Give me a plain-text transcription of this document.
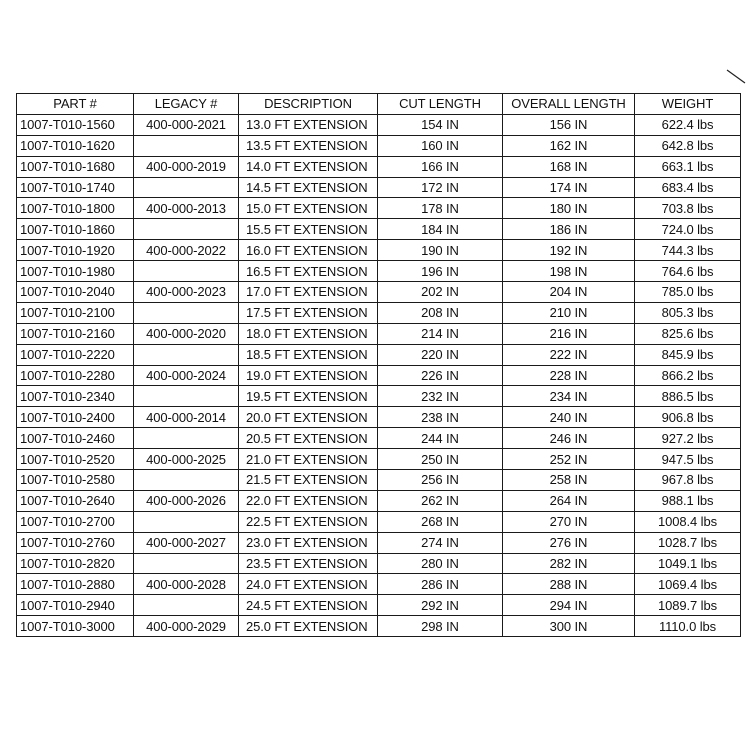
PART #	LEGACY #	DESCRIPTION	CUT LENGTH	OVERALL LENGTH	WEIGHT
1007-T010-1560	400-000-2021	13.0 FT EXTENSION	154 IN	156 IN	622.4 lbs
1007-T010-1620		13.5 FT EXTENSION	160 IN	162 IN	642.8 lbs
1007-T010-1680	400-000-2019	14.0 FT EXTENSION	166 IN	168 IN	663.1 lbs
1007-T010-1740		14.5 FT EXTENSION	172 IN	174 IN	683.4 lbs
1007-T010-1800	400-000-2013	15.0 FT EXTENSION	178 IN	180 IN	703.8 lbs
1007-T010-1860		15.5 FT EXTENSION	184 IN	186 IN	724.0 lbs
1007-T010-1920	400-000-2022	16.0 FT EXTENSION	190 IN	192 IN	744.3 lbs
1007-T010-1980		16.5 FT EXTENSION	196 IN	198 IN	764.6 lbs
1007-T010-2040	400-000-2023	17.0 FT EXTENSION	202 IN	204 IN	785.0 lbs
1007-T010-2100		17.5 FT EXTENSION	208 IN	210 IN	805.3 lbs
1007-T010-2160	400-000-2020	18.0 FT EXTENSION	214 IN	216 IN	825.6 lbs
1007-T010-2220		18.5 FT EXTENSION	220 IN	222 IN	845.9 lbs
1007-T010-2280	400-000-2024	19.0 FT EXTENSION	226 IN	228 IN	866.2 lbs
1007-T010-2340		19.5 FT EXTENSION	232 IN	234 IN	886.5 lbs
1007-T010-2400	400-000-2014	20.0 FT EXTENSION	238 IN	240 IN	906.8 lbs
1007-T010-2460		20.5 FT EXTENSION	244 IN	246 IN	927.2 lbs
1007-T010-2520	400-000-2025	21.0 FT EXTENSION	250 IN	252 IN	947.5 lbs
1007-T010-2580		21.5 FT EXTENSION	256 IN	258 IN	967.8 lbs
1007-T010-2640	400-000-2026	22.0 FT EXTENSION	262 IN	264 IN	988.1 lbs
1007-T010-2700		22.5 FT EXTENSION	268 IN	270 IN	1008.4 lbs
1007-T010-2760	400-000-2027	23.0 FT EXTENSION	274 IN	276 IN	1028.7 lbs
1007-T010-2820		23.5 FT EXTENSION	280 IN	282 IN	1049.1 lbs
1007-T010-2880	400-000-2028	24.0 FT EXTENSION	286 IN	288 IN	1069.4 lbs
1007-T010-2940		24.5 FT EXTENSION	292 IN	294 IN	1089.7 lbs
1007-T010-3000	400-000-2029	25.0 FT EXTENSION	298 IN	300 IN	1110.0 lbs
